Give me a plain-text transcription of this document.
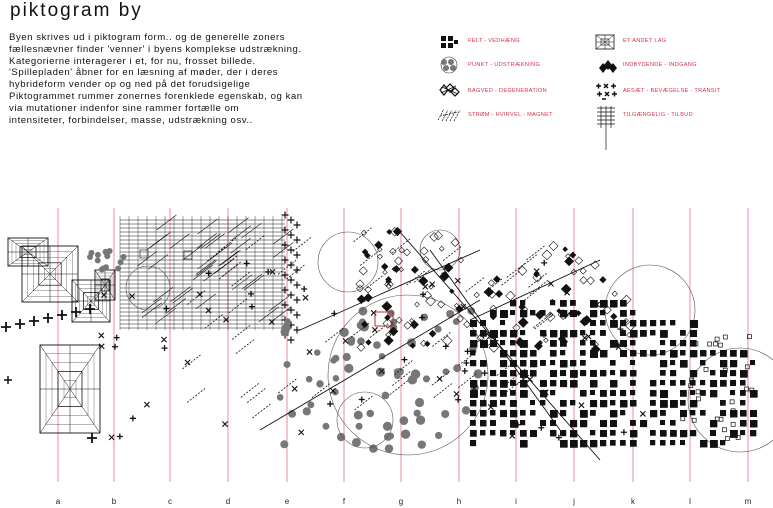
piktogram by
Byen skrives ud i piktogram form.. og de generelle zoners
fællesnævner finder 'venner' i byens komplekse udstrækning.
Kategorierne interagerer i et, for nu, frosset billede.
'Spillepladen' åbner for en læsning af møder, der i deres
hybrideform vender op og ned på det forudsigelige
Piktogrammet rummer zonernes forenklede egenskab, og kan
via mutationer indenfor sine rammer fortælle om
intensiteter, forbindelser, masse, udstrækning osv..
FELT - VEDHÆNG
PUNKT - UDSTRÆKNING
BAGVED - DEGENERATION
STRØM - HVIRVEL - MAGNET
ET ANDET LAG
INDBYDENDE - INDGANG
AESÆT - BEVÆGELSE - TRANSIT
TILGÆNGELIG - TILBUD
a	b	c	d	e	f	g	h	i	j	k	l	m
